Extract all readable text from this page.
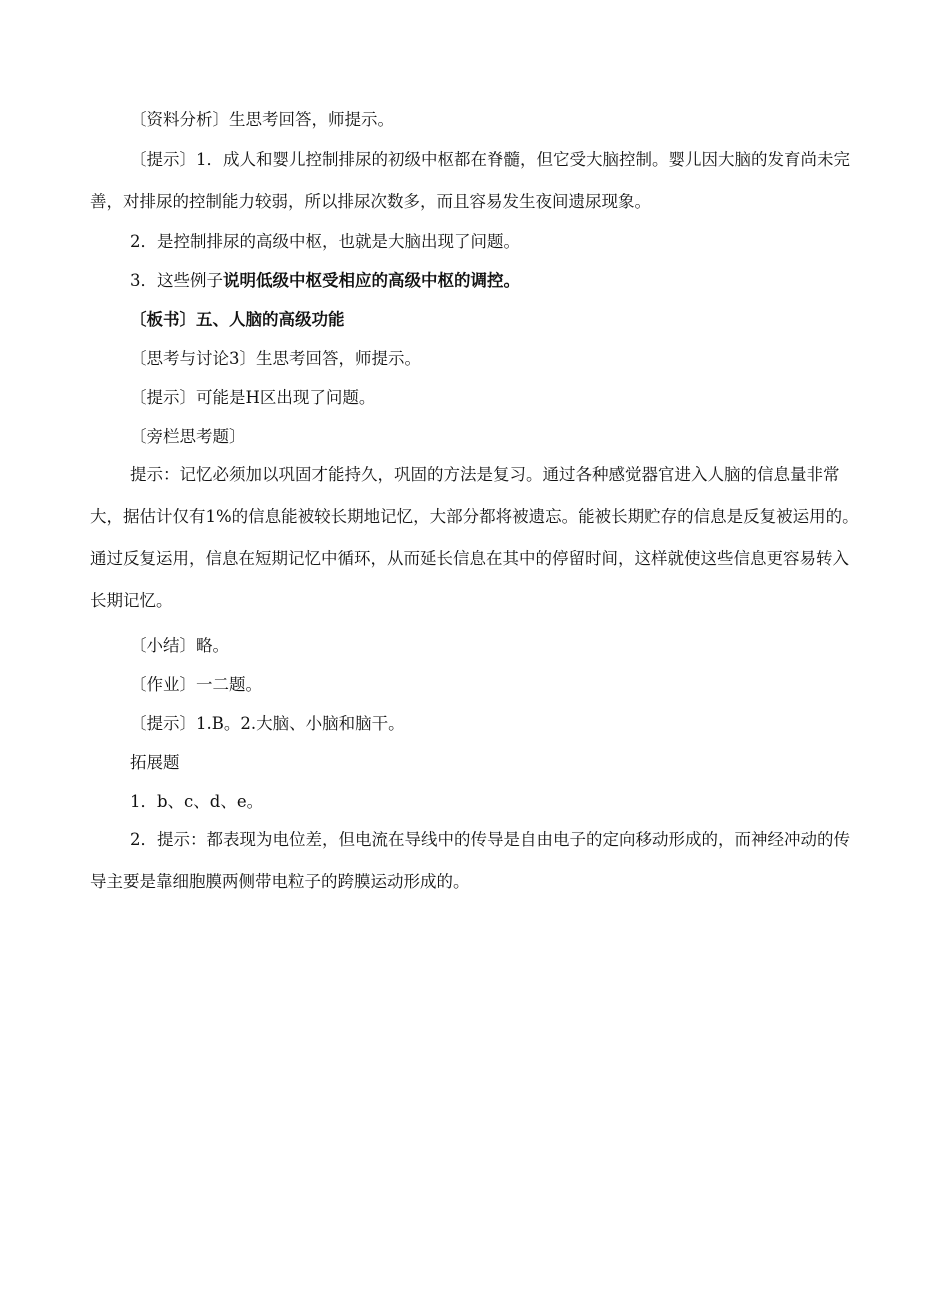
〔资料分析〕生思考回答，师提示。
〔提示〕1．成人和婴儿控制排尿的初级中枢都在脊髓，但它受大脑控制。婴儿因大脑的发育尚未完善，对排尿的控制能力较弱，所以排尿次数多，而且容易发生夜间遗尿现象。
2．是控制排尿的高级中枢，也就是大脑出现了问题。
3．这些例子说明低级中枢受相应的高级中枢的调控。
〔板书〕五、人脑的高级功能
〔思考与讨论3〕生思考回答，师提示。
〔提示〕可能是H区出现了问题。
〔旁栏思考题〕
提示：记忆必须加以巩固才能持久，巩固的方法是复习。通过各种感觉器官进入人脑的信息量非常大，据估计仅有1%的信息能被较长期地记忆，大部分都将被遗忘。能被长期贮存的信息是反复被运用的。通过反复运用，信息在短期记忆中循环，从而延长信息在其中的停留时间，这样就使这些信息更容易转入长期记忆。
〔小结〕略。
〔作业〕一二题。
〔提示〕1.B。2.大脑、小脑和脑干。
拓展题
1．b、c、d、e。
2．提示：都表现为电位差，但电流在导线中的传导是自由电子的定向移动形成的，而神经冲动的传导主要是靠细胞膜两侧带电粒子的跨膜运动形成的。
